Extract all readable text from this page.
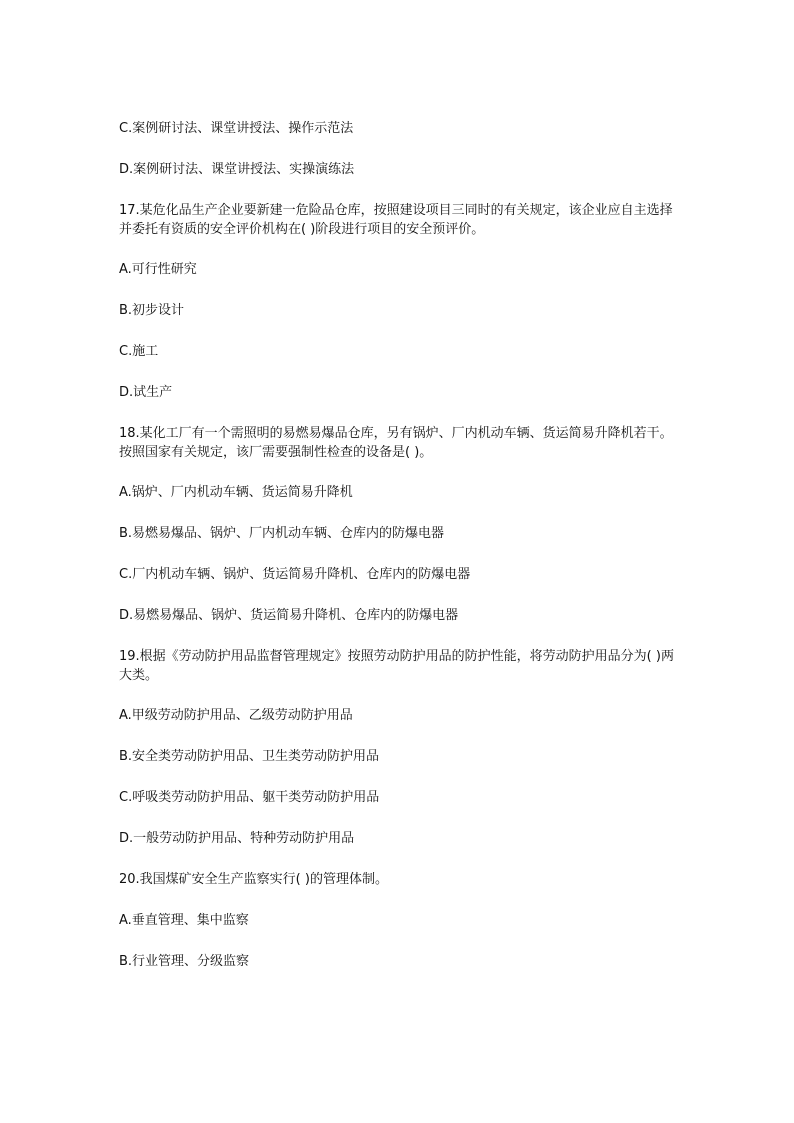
C.案例研讨法、课堂讲授法、操作示范法

D.案例研讨法、课堂讲授法、实操演练法

17.某危化品生产企业要新建一危险品仓库，按照建设项目三同时的有关规定，该企业应自主选择并委托有资质的安全评价机构在( )阶段进行项目的安全预评价。

A.可行性研究

B.初步设计

C.施工

D.试生产

18.某化工厂有一个需照明的易燃易爆品仓库，另有锅炉、厂内机动车辆、货运简易升降机若干。按照国家有关规定，该厂需要强制性检查的设备是( )。

A.锅炉、厂内机动车辆、货运简易升降机

B.易燃易爆品、锅炉、厂内机动车辆、仓库内的防爆电器

C.厂内机动车辆、锅炉、货运简易升降机、仓库内的防爆电器

D.易燃易爆品、锅炉、货运简易升降机、仓库内的防爆电器

19.根据《劳动防护用品监督管理规定》按照劳动防护用品的防护性能，将劳动防护用品分为( )两大类。

A.甲级劳动防护用品、乙级劳动防护用品

B.安全类劳动防护用品、卫生类劳动防护用品

C.呼吸类劳动防护用品、躯干类劳动防护用品

D.一般劳动防护用品、特种劳动防护用品

20.我国煤矿安全生产监察实行( )的管理体制。

A.垂直管理、集中监察

B.行业管理、分级监察
